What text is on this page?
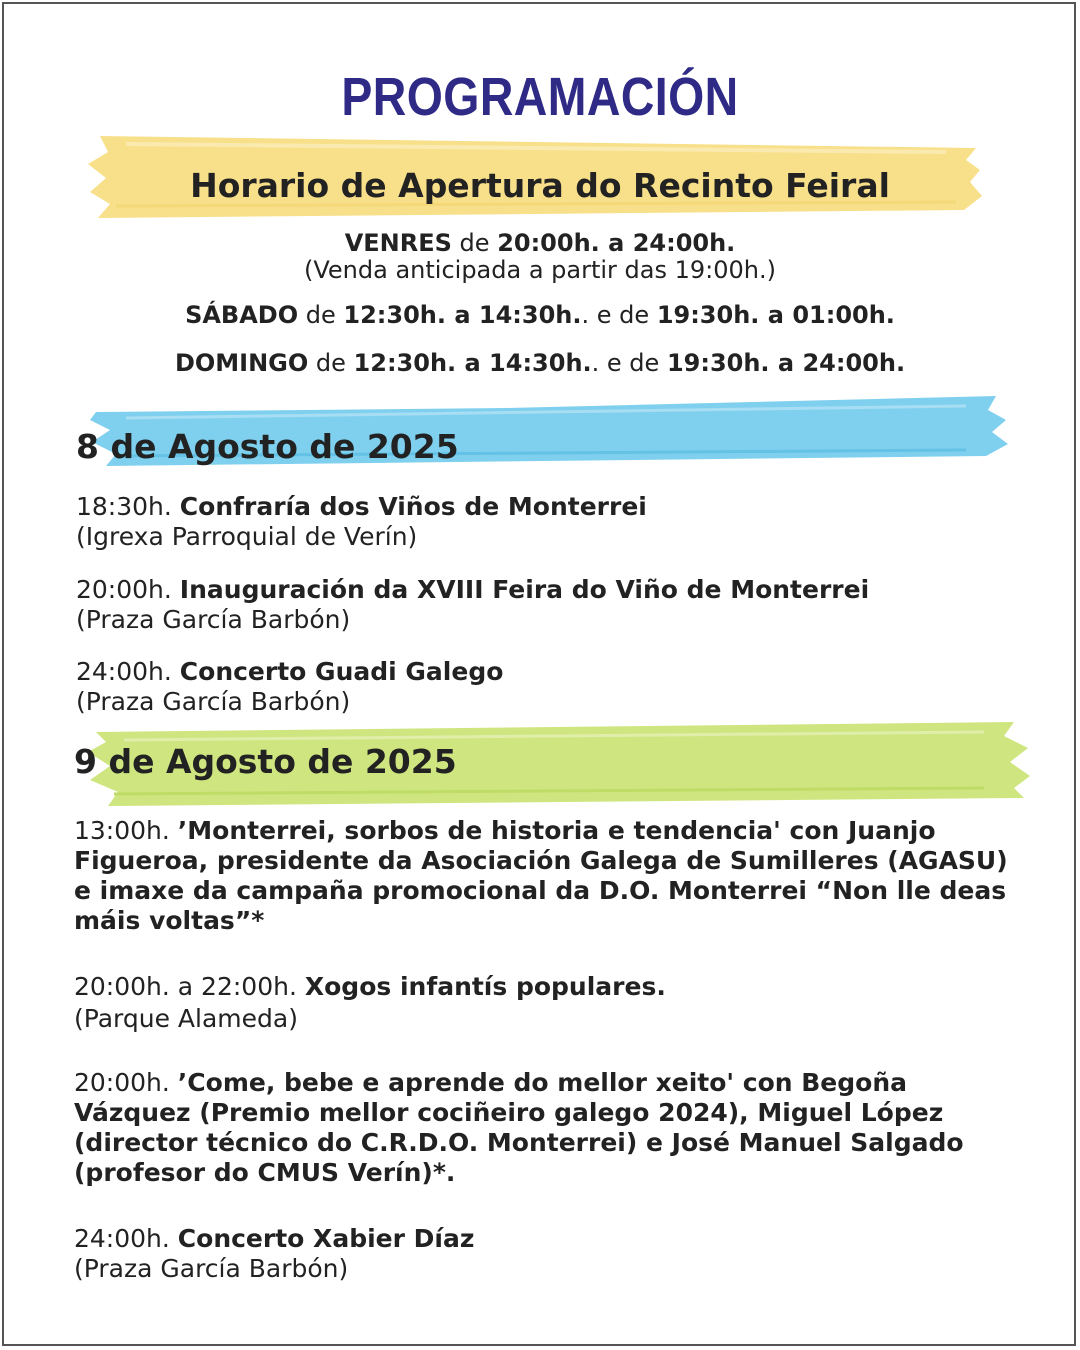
PROGRAMACIÓN
Horario de Apertura do Recinto Feiral
VENRES de 20:00h. a 24:00h.
(Venda anticipada a partir das 19:00h.)
SÁBADO de 12:30h. a 14:30h.. e de 19:30h. a 01:00h.
DOMINGO de 12:30h. a 14:30h.. e de 19:30h. a 24:00h.
8 de Agosto de 2025
18:30h. Confraría dos Viños de Monterrei
(Igrexa Parroquial de Verín)
20:00h. Inauguración da XVIII Feira do Viño de Monterrei
(Praza García Barbón)
24:00h. Concerto Guadi Galego
(Praza García Barbón)
9 de Agosto de 2025
13:00h. ’Monterrei, sorbos de historia e tendencia' con Juanjo Figueroa, presidente da Asociación Galega de Sumilleres (AGASU) e imaxe da campaña promocional da D.O. Monterrei “Non lle deas máis voltas”*
20:00h. a 22:00h. Xogos infantís populares.
(Parque Alameda)
20:00h. ’Come, bebe e aprende do mellor xeito' con Begoña Vázquez (Premio mellor cociñeiro galego 2024), Miguel López (director técnico do C.R.D.O. Monterrei) e José Manuel Salgado (profesor do CMUS Verín)*.
24:00h. Concerto Xabier Díaz
(Praza García Barbón)
